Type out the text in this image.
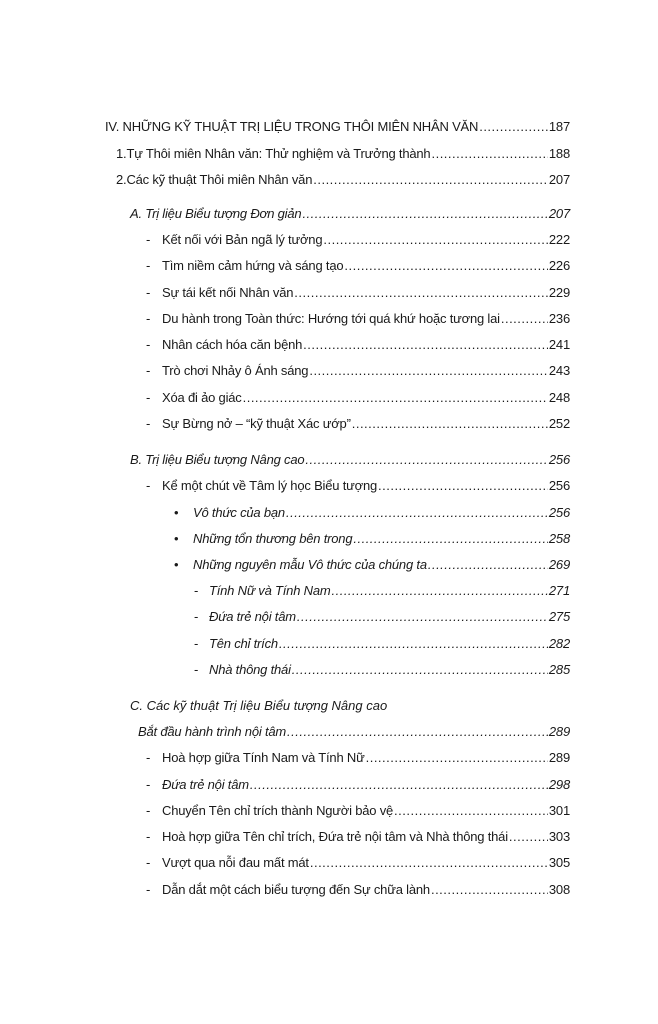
IV. NHỮNG KỸ THUẬT TRỊ LIỆU TRONG THÔI MIÊN NHÂN VĂN .....	187
1. Tự Thôi miên Nhân văn: Thử nghiệm và Trưởng thành .....	188
2. Các kỹ thuật Thôi miên Nhân văn .....	207
A. Trị liệu Biểu tượng Đơn giản .....	207
- Kết nối với Bản ngã lý tưởng .....	222
- Tìm niềm cảm hứng và sáng tạo .....	226
- Sự tái kết nối Nhân văn .....	229
- Du hành trong Toàn thức: Hướng tới quá khứ hoặc tương lai .....	236
- Nhân cách hóa căn bệnh .....	241
- Trò chơi Nhảy ô Ánh sáng .....	243
- Xóa đi ảo giác .....	248
- Sự Bừng nở – “kỹ thuật Xác ướp” .....	252
B. Trị liệu Biểu tượng Nâng cao .....	256
- Kể một chút về Tâm lý học Biểu tượng .....	256
• Vô thức của bạn .....	256
• Những tổn thương bên trong .....	258
• Những nguyên mẫu Vô thức của chúng ta .....	269
- Tính Nữ và Tính Nam .....	271
- Đứa trẻ nội tâm .....	275
- Tên chỉ trích .....	282
- Nhà thông thái .....	285
C. Các kỹ thuật Trị liệu Biểu tượng Nâng cao
Bắt đầu hành trình nội tâm .....	289
- Hoà hợp giữa Tính Nam và Tính Nữ .....	289
- Đứa trẻ nội tâm .....	298
- Chuyển Tên chỉ trích thành Người bảo vệ .....	301
- Hoà hợp giữa Tên chỉ trích, Đứa trẻ nội tâm và Nhà thông thái .....	303
- Vượt qua nỗi đau mất mát .....	305
- Dẫn dắt một cách biểu tượng đến Sự chữa lành .....	308
